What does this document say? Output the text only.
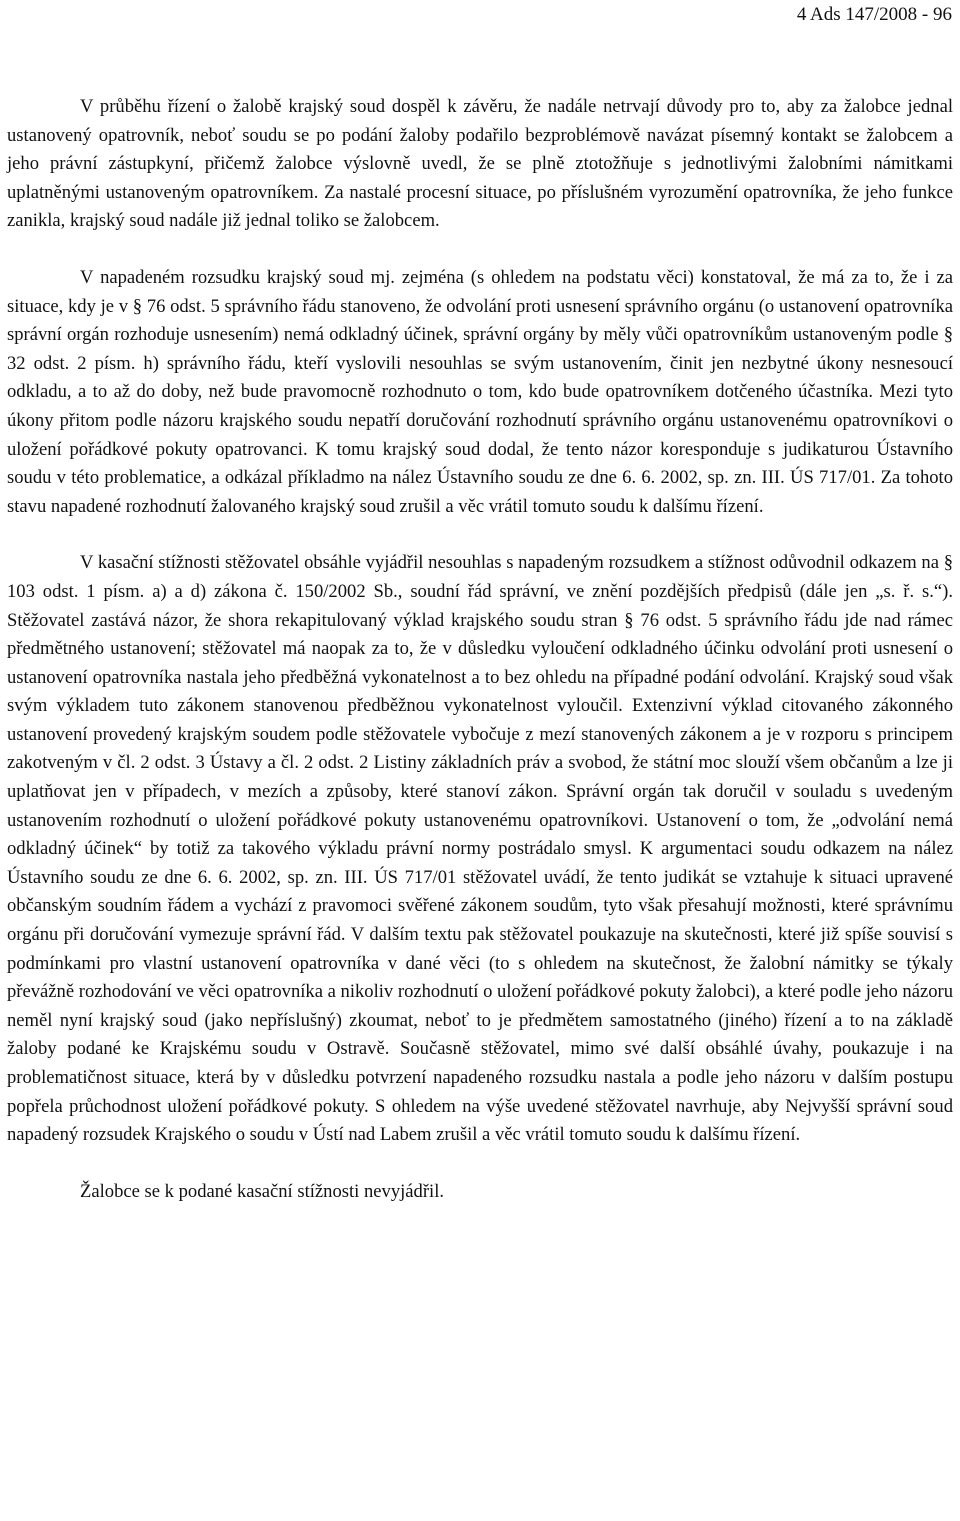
4 Ads 147/2008 - 96

V průběhu řízení o žalobě krajský soud dospěl k závěru, že nadále netrvají důvody pro to, aby za žalobce jednal ustanovený opatrovník, neboť soudu se po podání žaloby podařilo bezproblémově navázat písemný kontakt se žalobcem a jeho právní zástupkyní, přičemž žalobce výslovně uvedl, že se plně ztotožňuje s jednotlivými žalobními námitkami uplatněnými ustanoveným opatrovníkem. Za nastalé procesní situace, po příslušném vyrozumění opatrovníka, že jeho funkce zanikla, krajský soud nadále již jednal toliko se žalobcem.

V napadeném rozsudku krajský soud mj. zejména (s ohledem na podstatu věci) konstatoval, že má za to, že i za situace, kdy je v § 76 odst. 5 správního řádu stanoveno, že odvolání proti usnesení správního orgánu (o ustanovení opatrovníka správní orgán rozhoduje usnesením) nemá odkladný účinek, správní orgány by měly vůči opatrovníkům ustanoveným podle § 32 odst. 2 písm. h) správního řádu, kteří vyslovili nesouhlas se svým ustanovením, činit jen nezbytné úkony nesnesoucí odkladu, a to až do doby, než bude pravomocně rozhodnuto o tom, kdo bude opatrovníkem dotčeného účastníka. Mezi tyto úkony přitom podle názoru krajského soudu nepatří doručování rozhodnutí správního orgánu ustanovenému opatrovníkovi o uložení pořádkové pokuty opatrovanci. K tomu krajský soud dodal, že tento názor koresponduje s judikaturou Ústavního soudu v této problematice, a odkázal příkladmo na nález Ústavního soudu ze dne 6. 6. 2002, sp. zn. III. ÚS 717/01. Za tohoto stavu napadené rozhodnutí žalovaného krajský soud zrušil a věc vrátil tomuto soudu k dalšímu řízení.

V kasační stížnosti stěžovatel obsáhle vyjádřil nesouhlas s napadeným rozsudkem a stížnost odůvodnil odkazem na § 103 odst. 1 písm. a) a d) zákona č. 150/2002 Sb., soudní řád správní, ve znění pozdějších předpisů (dále jen „s. ř. s.“). Stěžovatel zastává názor, že shora rekapitulovaný výklad krajského soudu stran § 76 odst. 5 správního řádu jde nad rámec předmětného ustanovení; stěžovatel má naopak za to, že v důsledku vyloučení odkladného účinku odvolání proti usnesení o ustanovení opatrovníka nastala jeho předběžná vykonatelnost a to bez ohledu na případné podání odvolání. Krajský soud však svým výkladem tuto zákonem stanovenou předběžnou vykonatelnost vyloučil. Extenzivní výklad citovaného zákonného ustanovení provedený krajským soudem podle stěžovatele vybočuje z mezí stanovených zákonem a je v rozporu s principem zakotveným v čl. 2 odst. 3 Ústavy a čl. 2 odst. 2 Listiny základních práv a svobod, že státní moc slouží všem občanům a lze ji uplatňovat jen v případech, v mezích a způsoby, které stanoví zákon. Správní orgán tak doručil v souladu s uvedeným ustanovením rozhodnutí o uložení pořádkové pokuty ustanovenému opatrovníkovi. Ustanovení o tom, že „odvolání nemá odkladný účinek“ by totiž za takového výkladu právní normy postrádalo smysl. K argumentaci soudu odkazem na nález Ústavního soudu ze dne 6. 6. 2002, sp. zn. III. ÚS 717/01 stěžovatel uvádí, že tento judikát se vztahuje k situaci upravené občanským soudním řádem a vychází z pravomoci svěřené zákonem soudům, tyto však přesahují možnosti, které správnímu orgánu při doručování vymezuje správní řád. V dalším textu pak stěžovatel poukazuje na skutečnosti, které již spíše souvisí s podmínkami pro vlastní ustanovení opatrovníka v dané věci (to s ohledem na skutečnost, že žalobní námitky se týkaly převážně rozhodování ve věci opatrovníka a nikoliv rozhodnutí o uložení pořádkové pokuty žalobci), a které podle jeho názoru neměl nyní krajský soud (jako nepříslušný) zkoumat, neboť to je předmětem samostatného (jiného) řízení a to na základě žaloby podané ke Krajskému soudu v Ostravě. Současně stěžovatel, mimo své další obsáhlé úvahy, poukazuje i na problematičnost situace, která by v důsledku potvrzení napadeného rozsudku nastala a podle jeho názoru v dalším postupu popřela průchodnost uložení pořádkové pokuty. S ohledem na výše uvedené stěžovatel navrhuje, aby Nejvyšší správní soud napadený rozsudek Krajského o soudu v Ústí nad Labem zrušil a věc vrátil tomuto soudu k dalšímu řízení.

Žalobce se k podané kasační stížnosti nevyjádřil.
